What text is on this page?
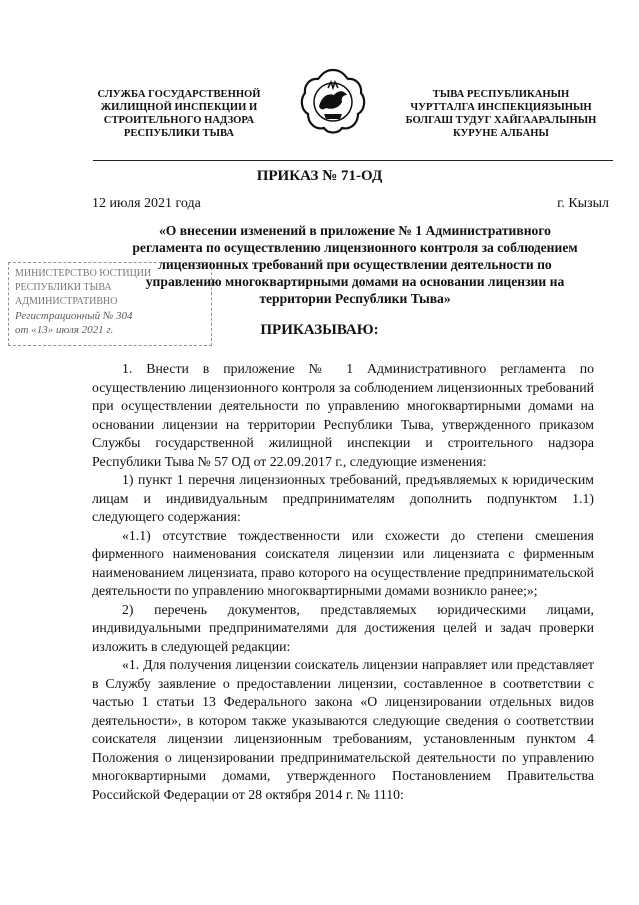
СЛУЖБА ГОСУДАРСТВЕННОЙ
ЖИЛИЩНОЙ ИНСПЕКЦИИ И
СТРОИТЕЛЬНОГО НАДЗОРА
РЕСПУБЛИКИ ТЫВА
ТЫВА РЕСПУБЛИКАНЫН
ЧУРТТАЛГА ИНСПЕКЦИЯЗЫНЫН
БОЛГАШ ТУДУГ ХАЙГААРАЛЫНЫН
КУРУНЕ АЛБАНЫ
ПРИКАЗ № 71-ОД
12 июля 2021 года	г. Кызыл
«О внесении изменений в приложение № 1 Административного
регламента по осуществлению лицензионного контроля за соблюдением
лицензионных требований при осуществлении деятельности по
управлению многоквартирными домами на основании лицензии на
территории Республики Тыва»
МИНИСТЕРСТВО ЮСТИЦИИ
РЕСПУБЛИКИ ТЫВА
АДМИНИСТРАТИВНО
Регистрационный № 304
от «13» июля 2021 г.	ПРИКАЗЫВАЮ:

1. Внести в приложение № 1 Административного регламента по осуществлению лицензионного контроля за соблюдением лицензионных требований при осуществлении деятельности по управлению многоквартирными домами на основании лицензии на территории Республики Тыва, утвержденного приказом Службы государственной жилищной инспекции и строительного надзора Республики Тыва № 57 ОД от 22.09.2017 г., следующие изменения:

1) пункт 1 перечня лицензионных требований, предъявляемых к юридическим лицам и индивидуальным предпринимателям дополнить подпунктом 1.1) следующего содержания:

«1.1) отсутствие тождественности или схожести до степени смешения фирменного наименования соискателя лицензии или лицензиата с фирменным наименованием лицензиата, право которого на осуществление предпринимательской деятельности по управлению многоквартирными домами возникло ранее;»;

2) перечень документов, представляемых юридическими лицами, индивидуальными предпринимателями для достижения целей и задач проверки изложить в следующей редакции:

«1. Для получения лицензии соискатель лицензии направляет или представляет в Службу заявление о предоставлении лицензии, составленное в соответствии с частью 1 статьи 13 Федерального закона «О лицензировании отдельных видов деятельности», в котором также указываются следующие сведения о соответствии соискателя лицензии лицензионным требованиям, установленным пунктом 4 Положения о лицензировании предпринимательской деятельности по управлению многоквартирными домами, утвержденного Постановлением Правительства Российской Федерации от 28 октября 2014 г. № 1110:
